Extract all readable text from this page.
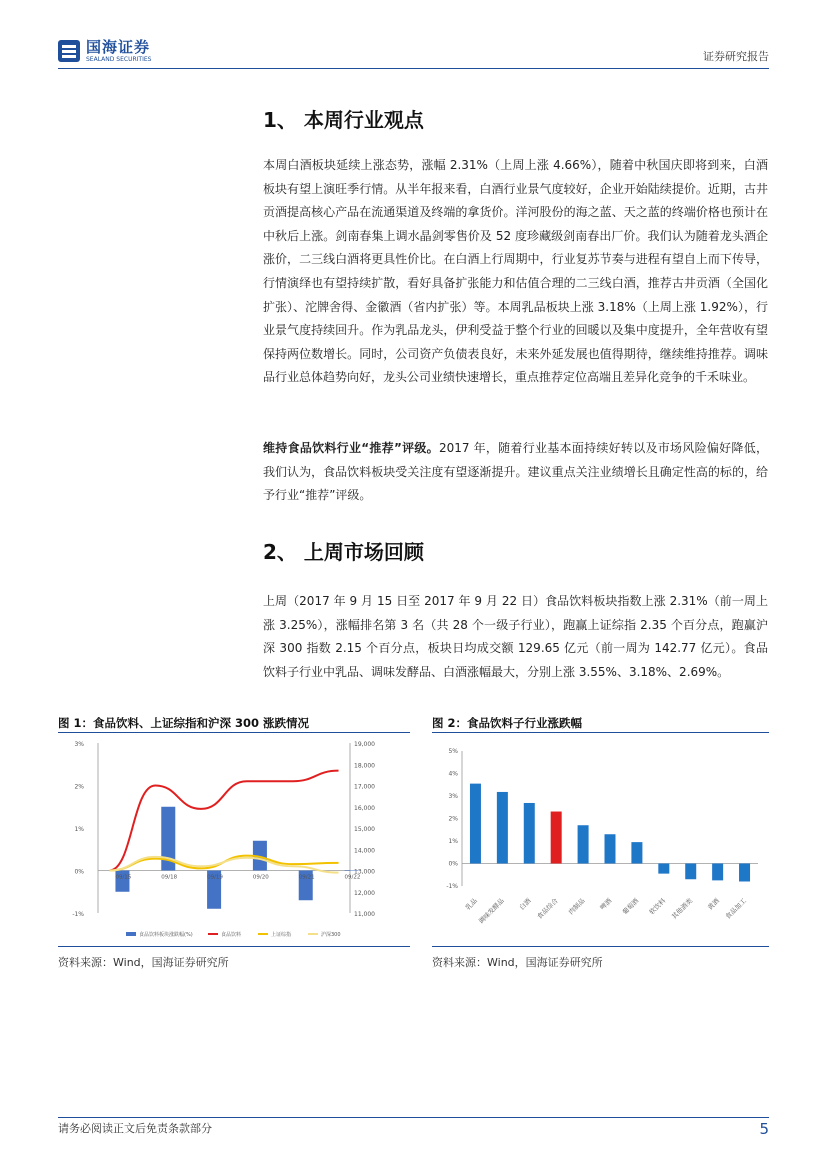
国海证券
SEALAND SECURITIES	证券研究报告
1、 本周行业观点

本周白酒板块延续上涨态势，涨幅 2.31%（上周上涨 4.66%），随着中秋国庆即将到来，白酒板块有望上演旺季行情。从半年报来看，白酒行业景气度较好，企业开始陆续提价。近期，古井贡酒提高核心产品在流通渠道及终端的拿货价。洋河股份的海之蓝、天之蓝的终端价格也预计在中秋后上涨。剑南春集上调水晶剑零售价及 52 度珍藏级剑南春出厂价。我们认为随着龙头酒企涨价，二三线白酒将更具性价比。在白酒上行周期中，行业复苏节奏与进程有望自上而下传导，行情演绎也有望持续扩散，看好具备扩张能力和估值合理的二三线白酒，推荐古井贡酒（全国化扩张）、沱牌舍得、金徽酒（省内扩张）等。本周乳品板块上涨 3.18%（上周上涨 1.92%），行业景气度持续回升。作为乳品龙头，伊利受益于整个行业的回暖以及集中度提升，全年营收有望保持两位数增长。同时，公司资产负债表良好，未来外延发展也值得期待，继续维持推荐。调味品行业总体趋势向好，龙头公司业绩快速增长，重点推荐定位高端且差异化竞争的千禾味业。

维持食品饮料行业“推荐”评级。2017 年，随着行业基本面持续好转以及市场风险偏好降低，我们认为，食品饮料板块受关注度有望逐渐提升。建议重点关注业绩增长且确定性高的标的，给予行业“推荐”评级。

2、 上周市场回顾

上周（2017 年 9 月 15 日至 2017 年 9 月 22 日）食品饮料板块指数上涨 2.31%（前一周上涨 3.25%），涨幅排名第 3 名（共 28 个一级子行业），跑赢上证综指 2.35 个百分点，跑赢沪深 300 指数 2.15 个百分点，板块日均成交额 129.65 亿元（前一周为 142.77 亿元）。食品饮料子行业中乳品、调味发酵品、白酒涨幅最大，分别上涨 3.55%、3.18%、2.69%。

图 1：食品饮料、上证综指和沪深 300 涨跌情况
-1%
0%
1%
2%
3%
11,000
12,000
13,000
14,000
15,000
16,000
17,000
18,000
19,000
09/15	09/18	09/19	09/20	09/21	09/22
食品饮料板块涨跌幅(%)	食品饮料	上证综指	沪深300
资料来源：Wind，国海证券研究所
图 2：食品饮料子行业涨跌幅
-1%
0%
1%
2%
3%
4%
5%
乳品
调味发酵品 白酒 食品综合 肉制品 啤酒 葡萄酒 软饮料 其他酒类 黄酒 食品加工
资料来源：Wind，国海证券研究所
请务必阅读正文后免责条款部分	5
